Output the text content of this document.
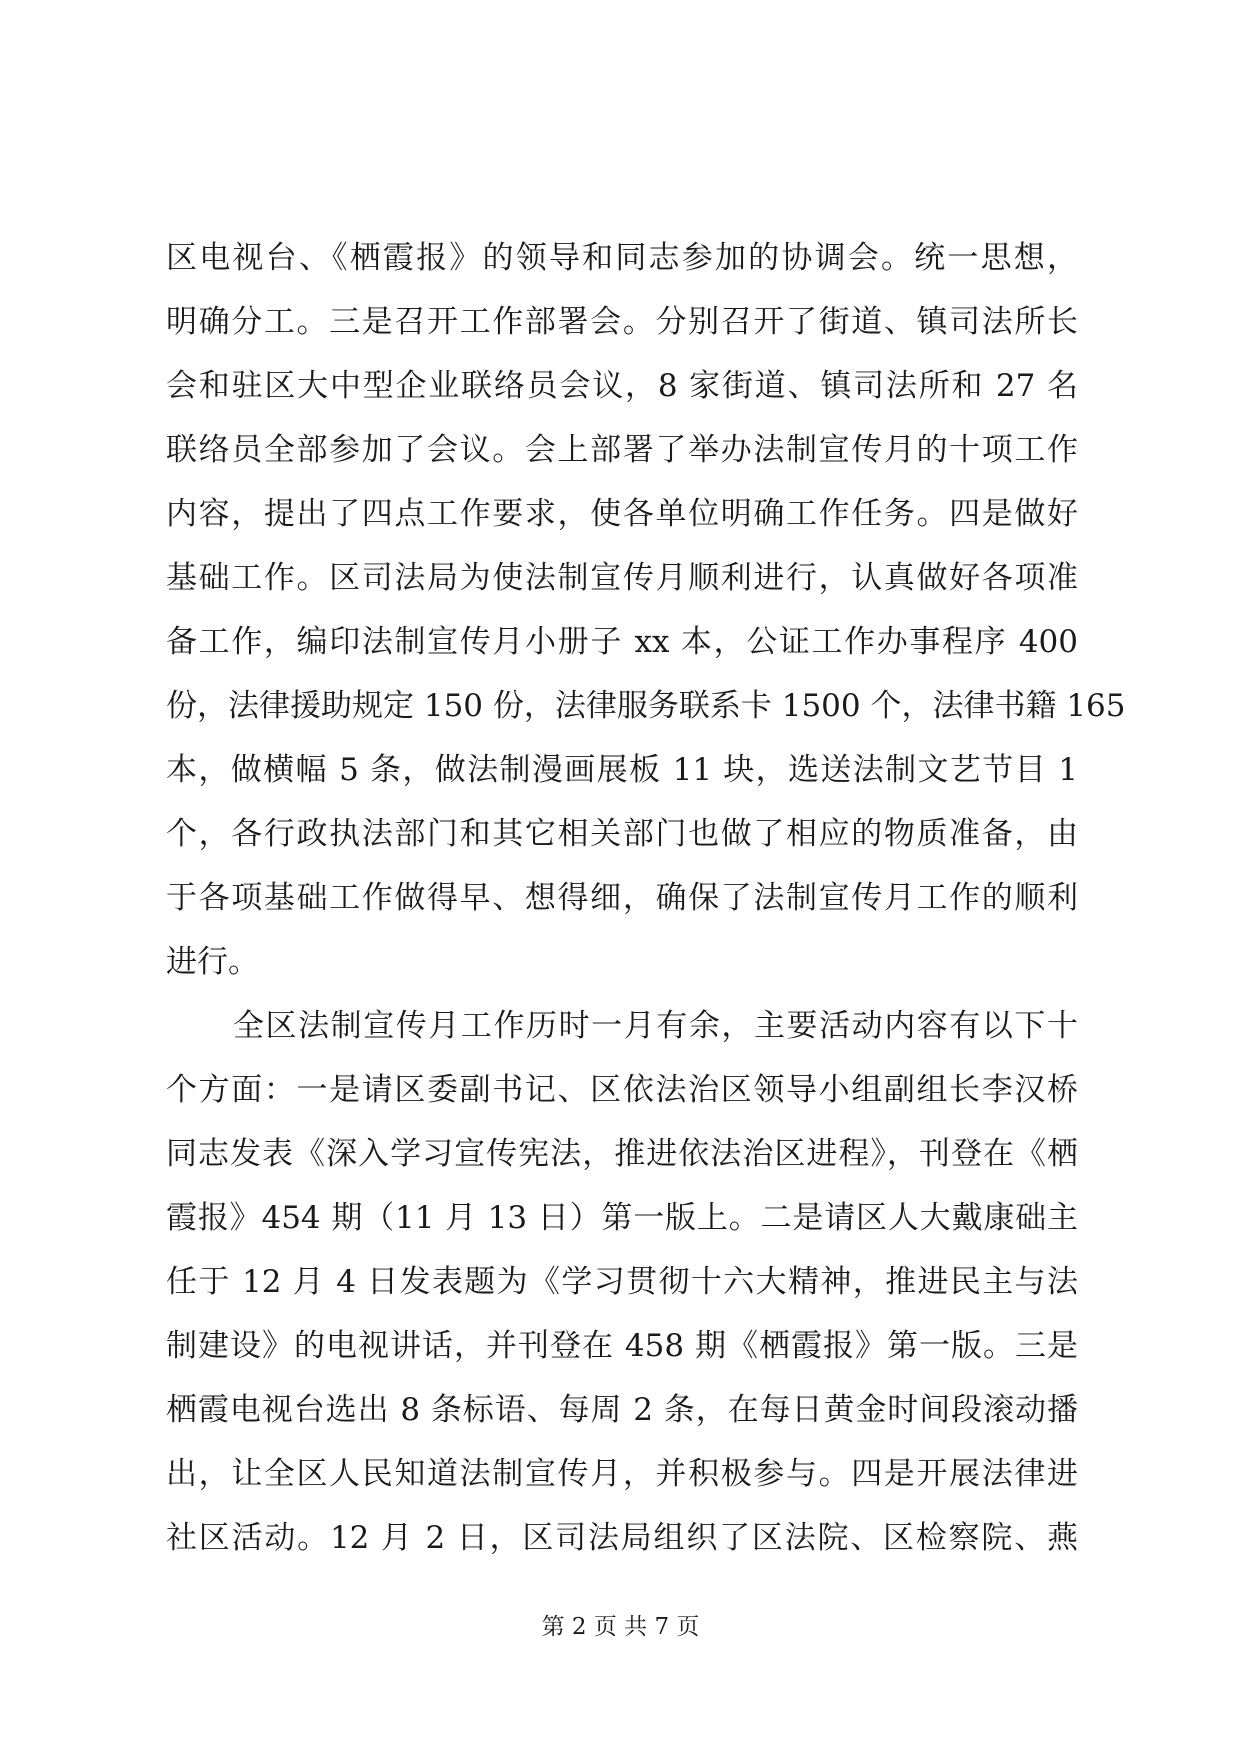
区电视台、《栖霞报》的领导和同志参加的协调会。统一思想，
明确分工。三是召开工作部署会。分别召开了街道、镇司法所长
会和驻区大中型企业联络员会议，8 家街道、镇司法所和 27 名
联络员全部参加了会议。会上部署了举办法制宣传月的十项工作
内容，提出了四点工作要求，使各单位明确工作任务。四是做好
基础工作。区司法局为使法制宣传月顺利进行，认真做好各项准
备工作，编印法制宣传月小册子 xx 本，公证工作办事程序 400
份，法律援助规定 150 份，法律服务联系卡 1500 个，法律书籍 165
本，做横幅 5 条，做法制漫画展板 11 块，选送法制文艺节目 1
个，各行政执法部门和其它相关部门也做了相应的物质准备，由
于各项基础工作做得早、想得细，确保了法制宣传月工作的顺利
进行。
全区法制宣传月工作历时一月有余，主要活动内容有以下十
个方面：一是请区委副书记、区依法治区领导小组副组长李汉桥
同志发表《深入学习宣传宪法，推进依法治区进程》，刊登在《栖
霞报》454 期（11 月 13 日）第一版上。二是请区人大戴康础主
任于 12 月 4 日发表题为《学习贯彻十六大精神，推进民主与法
制建设》的电视讲话，并刊登在 458 期《栖霞报》第一版。三是
栖霞电视台选出 8 条标语、每周 2 条，在每日黄金时间段滚动播
出，让全区人民知道法制宣传月，并积极参与。四是开展法律进
社区活动。12 月 2 日，区司法局组织了区法院、区检察院、燕
第 2 页 共 7 页
